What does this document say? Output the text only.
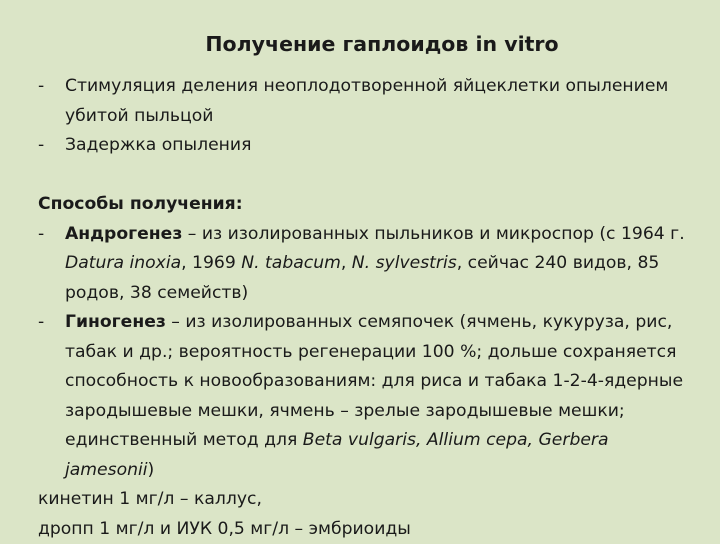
Получение гаплоидов in vitro
- Стимуляция деления неоплодотворенной яйцеклетки опылением убитой пыльцой
- Задержка опыления
Способы получения:
- Андрогенез – из изолированных пыльников и микроспор (с 1964 г. Datura inoxia, 1969 N. tabacum, N. sylvestris, сейчас 240 видов, 85 родов, 38 семейств)
- Гиногенез – из изолированных семяпочек (ячмень, кукуруза, рис, табак и др.; вероятность регенерации 100 %; дольше сохраняется способность к новообразованиям: для риса и табака 1-2-4-ядерные зародышевые мешки, ячмень – зрелые зародышевые мешки; единственный метод для Beta vulgaris, Allium cepa, Gerbera jamesonii)
кинетин 1 мг/л – каллус,
дропп 1 мг/л и ИУК 0,5 мг/л – эмбриоиды
